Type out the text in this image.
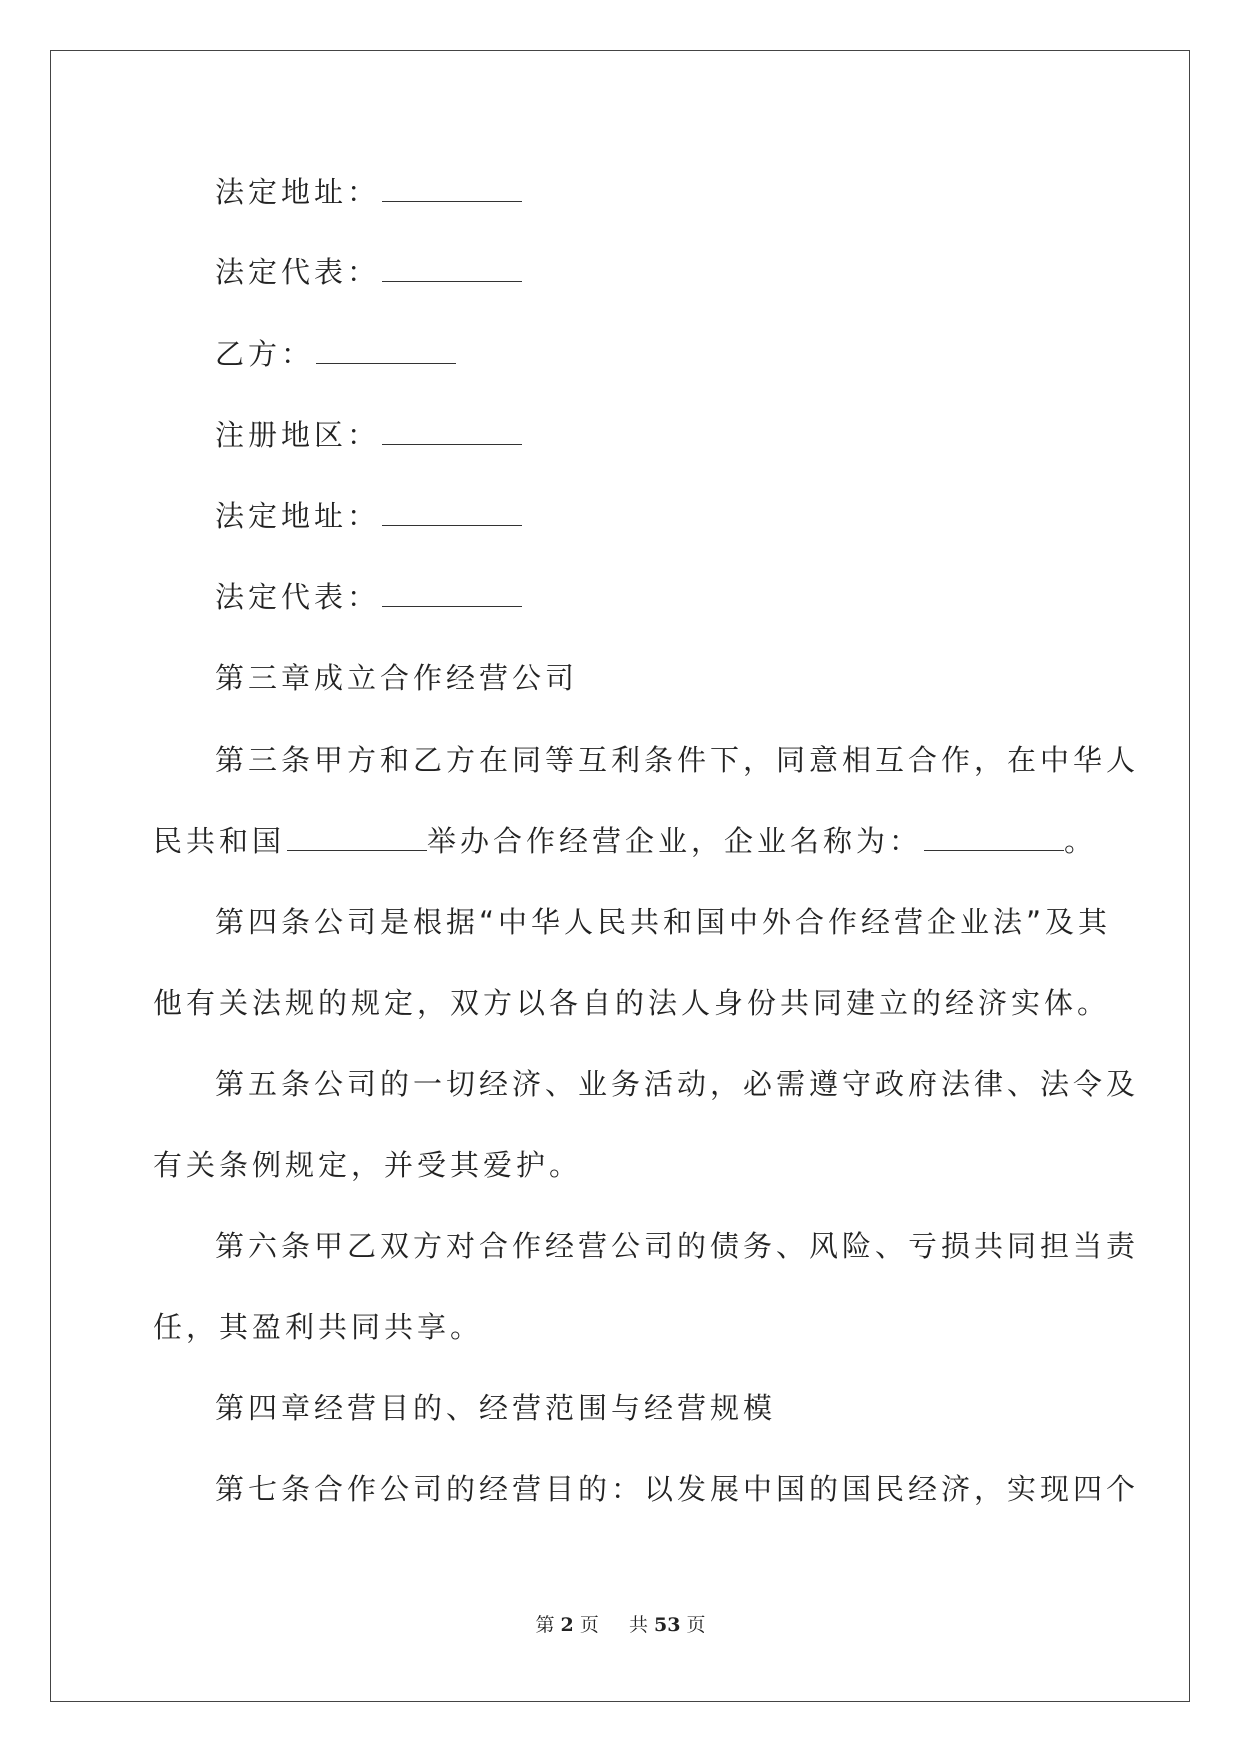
法定地址：
法定代表：
乙方：
注册地区：
法定地址：
法定代表：
第三章成立合作经营公司
第三条甲方和乙方在同等互利条件下，同意相互合作，在中华人
民共和国	举办合作经营企业，企业名称为：	。
第四条公司是根据“中华人民共和国中外合作经营企业法”及其
他有关法规的规定，双方以各自的法人身份共同建立的经济实体。
第五条公司的一切经济、业务活动，必需遵守政府法律、法令及
有关条例规定，并受其爱护。
第六条甲乙双方对合作经营公司的债务、风险、亏损共同担当责
任，其盈利共同共享。
第四章经营目的、经营范围与经营规模
第七条合作公司的经营目的：以发展中国的国民经济，实现四个
第 2 页 共 53 页
